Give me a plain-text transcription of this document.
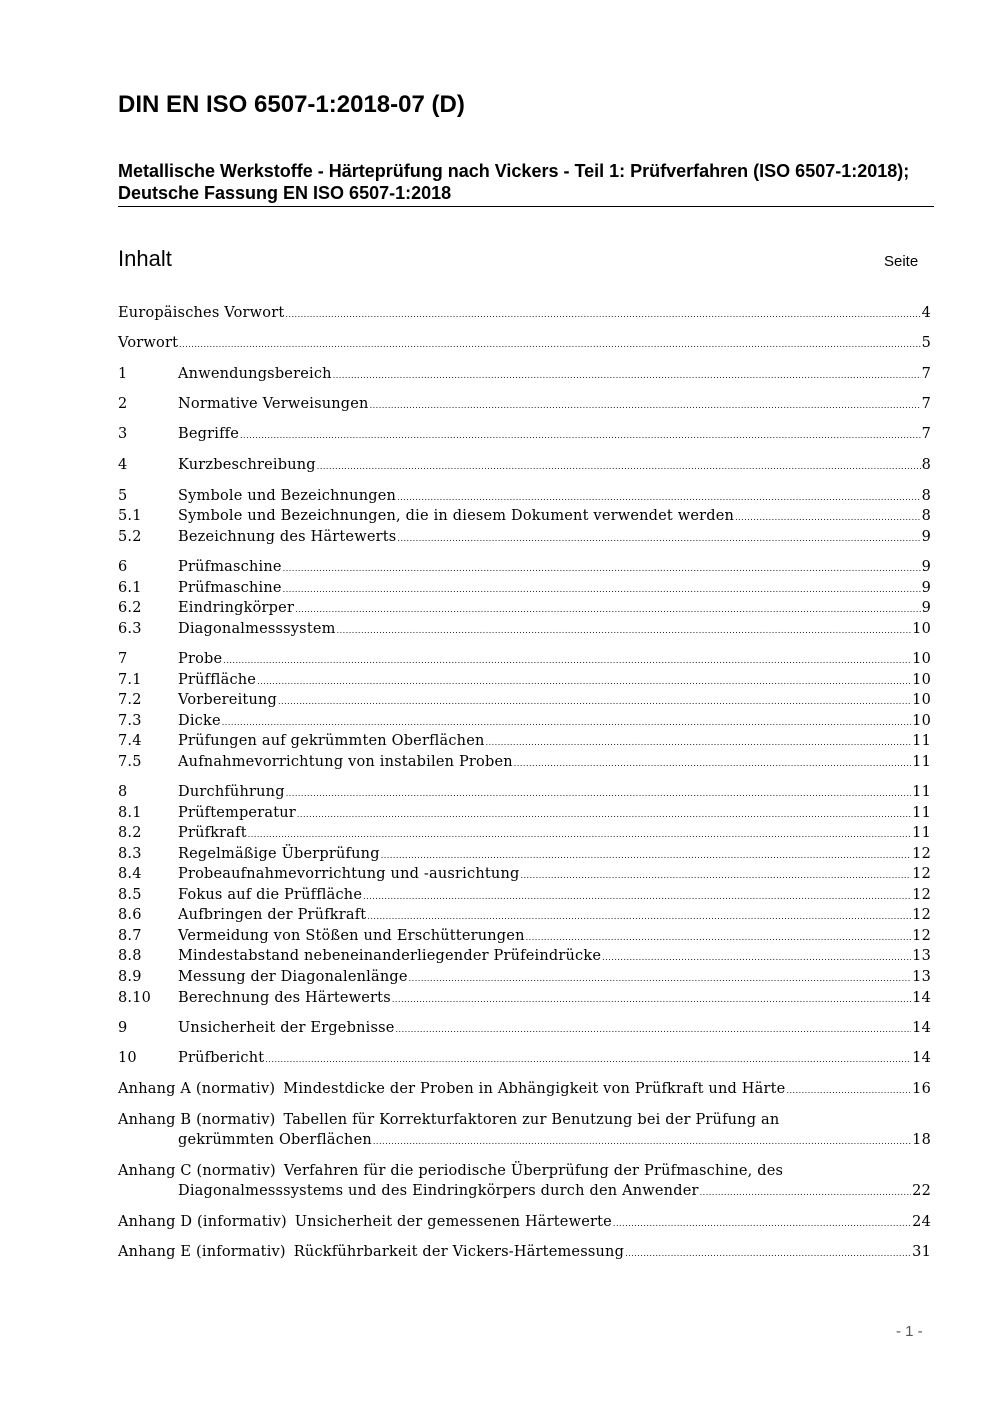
DIN EN ISO 6507-1:2018-07 (D)
Metallische Werkstoffe - Härteprüfung nach Vickers - Teil 1: Prüfverfahren (ISO 6507-1:2018); Deutsche Fassung EN ISO 6507-1:2018
Inhalt	Seite
Europäisches Vorwort .....	4
Vorwort .....	5
1	Anwendungsbereich .....	7
2	Normative Verweisungen .....	7
3	Begriffe .....	7
4	Kurzbeschreibung .....	8
5	Symbole und Bezeichnungen .....	8
5.1	Symbole und Bezeichnungen, die in diesem Dokument verwendet werden .....	8
5.2	Bezeichnung des Härtewerts .....	9
6	Prüfmaschine .....	9
6.1	Prüfmaschine .....	9
6.2	Eindringkörper .....	9
6.3	Diagonalmesssystem .....	10
7	Probe .....	10
7.1	Prüffläche .....	10
7.2	Vorbereitung .....	10
7.3	Dicke .....	10
7.4	Prüfungen auf gekrümmten Oberflächen .....	11
7.5	Aufnahmevorrichtung von instabilen Proben .....	11
8	Durchführung .....	11
8.1	Prüftemperatur .....	11
8.2	Prüfkraft .....	11
8.3	Regelmäßige Überprüfung .....	12
8.4	Probeaufnahmevorrichtung und -ausrichtung .....	12
8.5	Fokus auf die Prüffläche .....	12
8.6	Aufbringen der Prüfkraft .....	12
8.7	Vermeidung von Stößen und Erschütterungen .....	12
8.8	Mindestabstand nebeneinanderliegender Prüfeindrücke .....	13
8.9	Messung der Diagonalenlänge .....	13
8.10	Berechnung des Härtewerts .....	14
9	Unsicherheit der Ergebnisse .....	14
10	Prüfbericht .....	14
Anhang A (normativ) Mindestdicke der Proben in Abhängigkeit von Prüfkraft und Härte .....	16
Anhang B (normativ) Tabellen für Korrekturfaktoren zur Benutzung bei der Prüfung an
gekrümmten Oberflächen .....	18
Anhang C (normativ) Verfahren für die periodische Überprüfung der Prüfmaschine, des
Diagonalmesssystems und des Eindringkörpers durch den Anwender .....	22
Anhang D (informativ) Unsicherheit der gemessenen Härtewerte .....	24
Anhang E (informativ) Rückführbarkeit der Vickers-Härtemessung .....	31
- 1 -
